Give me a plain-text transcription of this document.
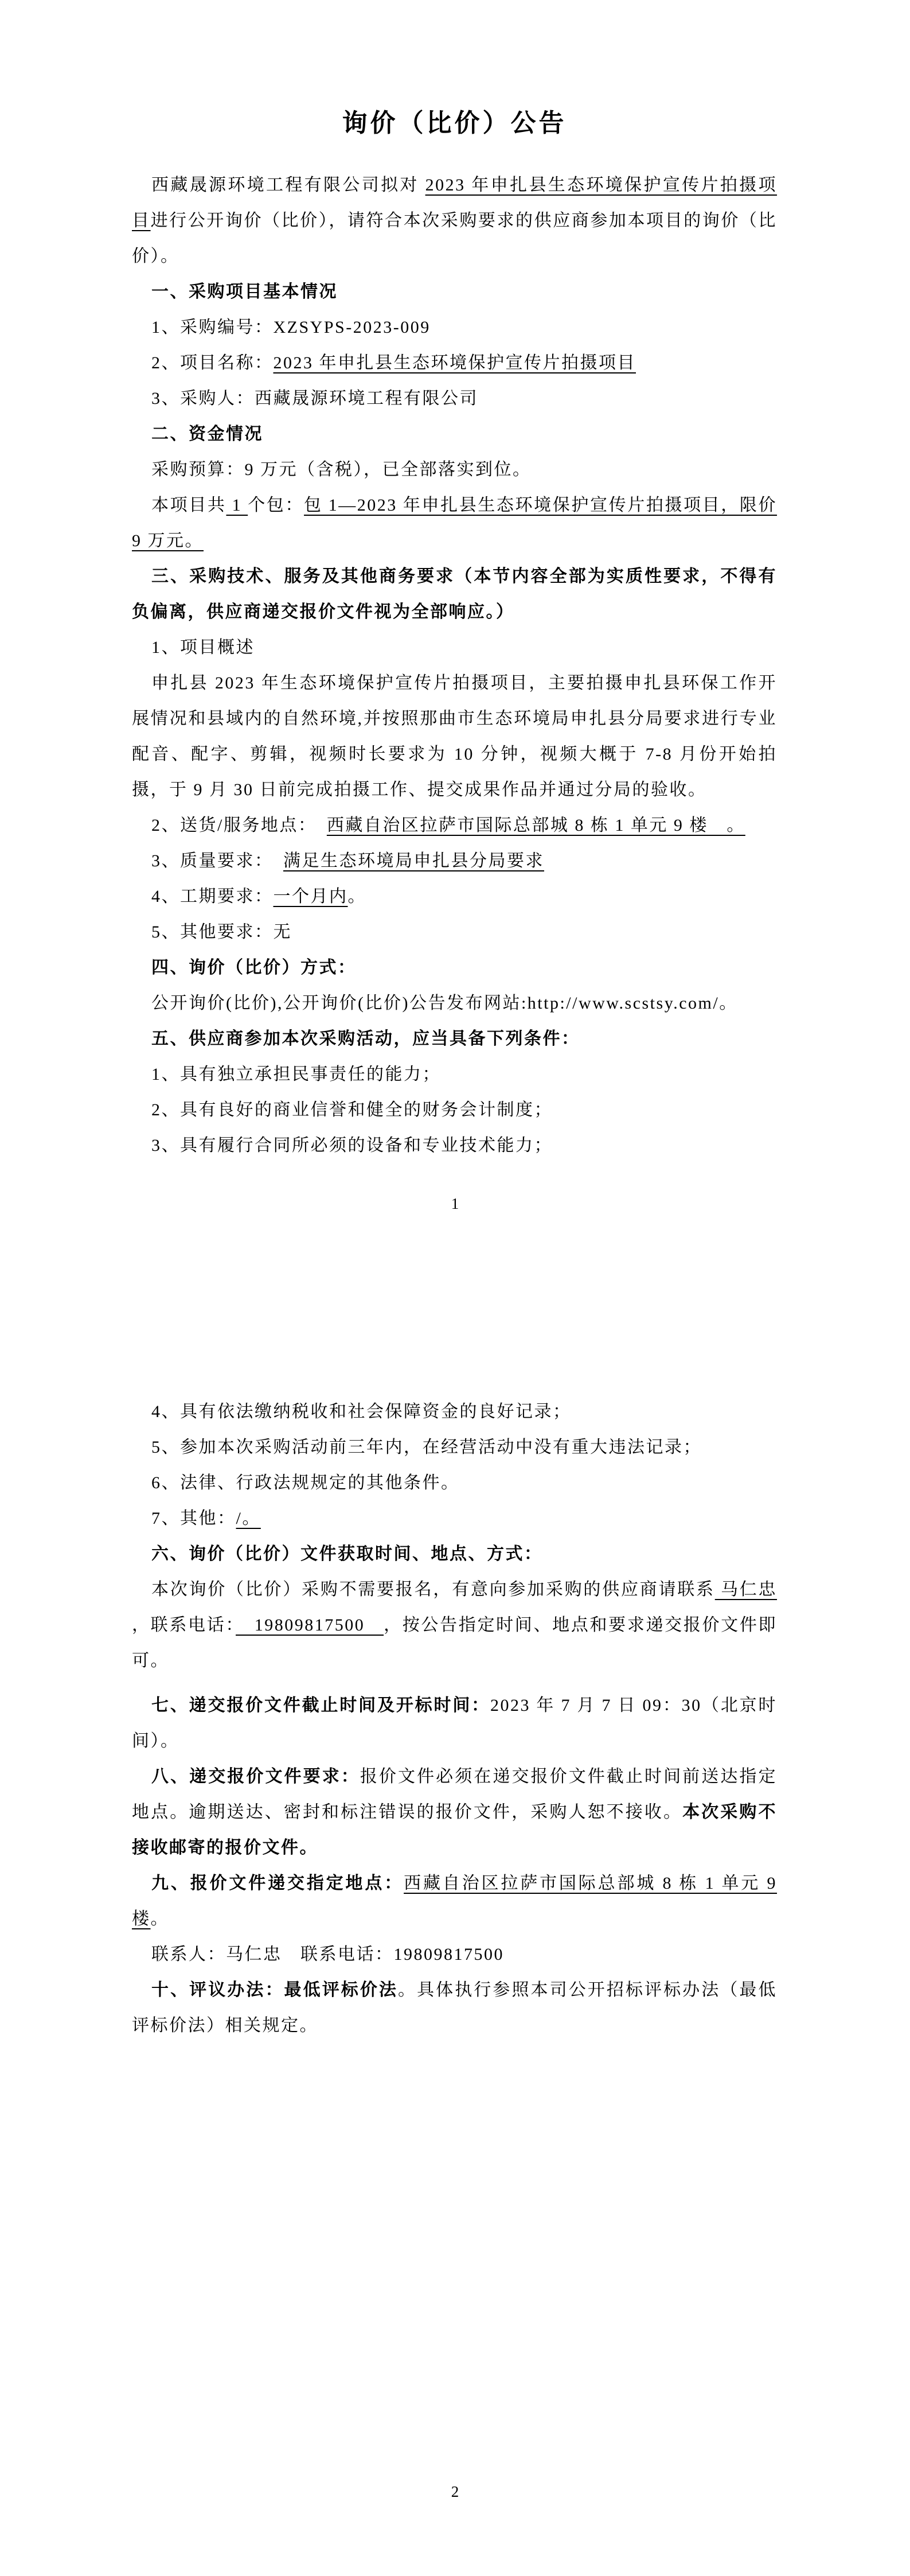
询价（比价）公告

西藏晟源环境工程有限公司拟对 2023 年申扎县生态环境保护宣传片拍摄项目进行公开询价（比价），请符合本次采购要求的供应商参加本项目的询价（比价）。

一、采购项目基本情况

1、采购编号：XZSYPS-2023-009

2、项目名称：2023 年申扎县生态环境保护宣传片拍摄项目

3、采购人：西藏晟源环境工程有限公司

二、资金情况

采购预算：9 万元（含税），已全部落实到位。

本项目共 1 个包：包 1—2023 年申扎县生态环境保护宣传片拍摄项目，限价 9 万元。

三、采购技术、服务及其他商务要求（本节内容全部为实质性要求，不得有负偏离，供应商递交报价文件视为全部响应。）

1、项目概述

申扎县 2023 年生态环境保护宣传片拍摄项目，主要拍摄申扎县环保工作开展情况和县域内的自然环境,并按照那曲市生态环境局申扎县分局要求进行专业配音、配字、剪辑，视频时长要求为 10 分钟，视频大概于 7-8 月份开始拍摄，于 9 月 30 日前完成拍摄工作、提交成果作品并通过分局的验收。

2、送货/服务地点：　西藏自治区拉萨市国际总部城 8 栋 1 单元 9 楼　。

3、质量要求：　满足生态环境局申扎县分局要求

4、工期要求：一个月内。

5、其他要求：无

四、询价（比价）方式：

公开询价(比价),公开询价(比价)公告发布网站:http://www.scstsy.com/。

五、供应商参加本次采购活动，应当具备下列条件：

1、具有独立承担民事责任的能力；

2、具有良好的商业信誉和健全的财务会计制度；

3、具有履行合同所必须的设备和专业技术能力；

1

4、具有依法缴纳税收和社会保障资金的良好记录；

5、参加本次采购活动前三年内，在经营活动中没有重大违法记录；

6、法律、行政法规规定的其他条件。

7、其他：/。

六、询价（比价）文件获取时间、地点、方式：

本次询价（比价）采购不需要报名，有意向参加采购的供应商请联系 马仁忠 ，联系电话：　19809817500　，按公告指定时间、地点和要求递交报价文件即可。

七、递交报价文件截止时间及开标时间：2023 年 7 月 7 日 09：30（北京时间）。

八、递交报价文件要求：报价文件必须在递交报价文件截止时间前送达指定地点。逾期送达、密封和标注错误的报价文件，采购人恕不接收。本次采购不接收邮寄的报价文件。

九、报价文件递交指定地点：西藏自治区拉萨市国际总部城 8 栋 1 单元 9 楼。

联系人：马仁忠　联系电话：19809817500

十、评议办法：最低评标价法。具体执行参照本司公开招标评标办法（最低评标价法）相关规定。

2
